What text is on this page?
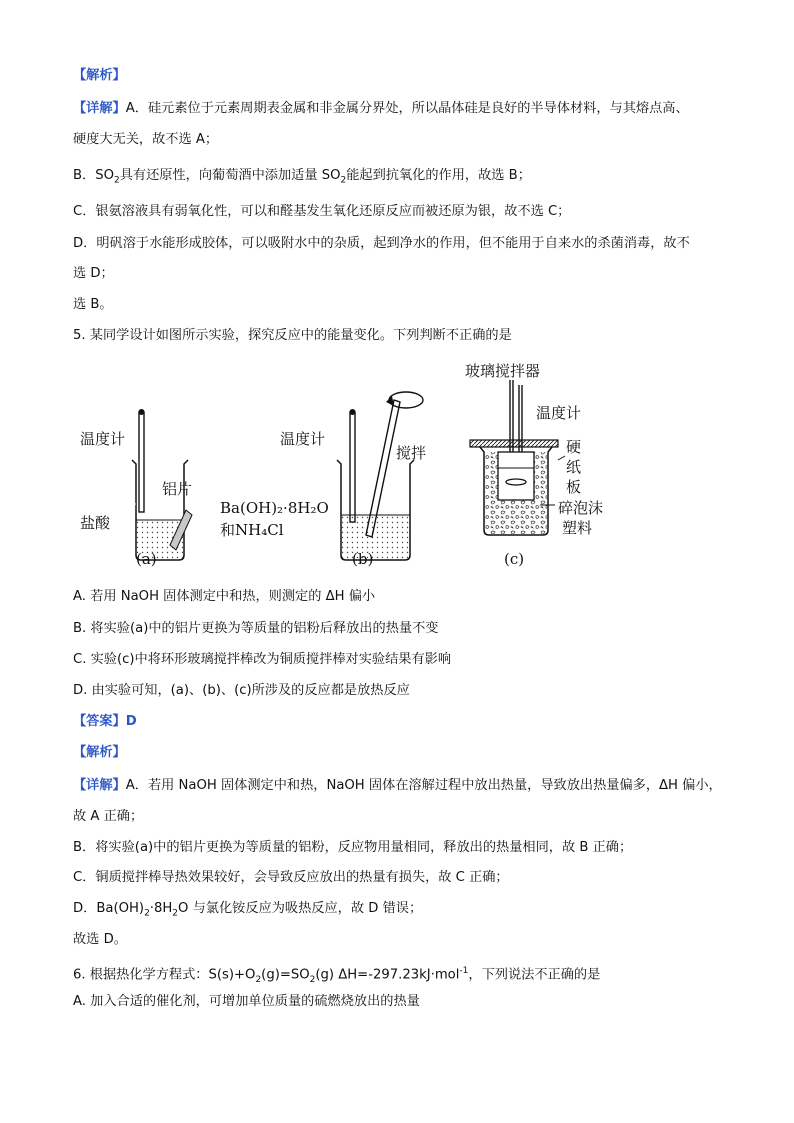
【解析】
【详解】A．硅元素位于元素周期表金属和非金属分界处，所以晶体硅是良好的半导体材料，与其熔点高、
硬度大无关，故不选 A；
B．$SO_2$具有还原性，向葡萄酒中添加适量 $SO_2$能起到抗氧化的作用，故选 B；
C．银氨溶液具有弱氧化性，可以和醛基发生氧化还原反应而被还原为银，故不选 C；
D．明矾溶于水能形成胶体，可以吸附水中的杂质，起到净水的作用，但不能用于自来水的杀菌消毒，故不
选 D；
选 B。
5. 某同学设计如图所示实验，探究反应中的能量变化。下列判断不正确的是
温度计
盐酸
铝片
(a)
温度计
搅拌
Ba(OH)₂·8H₂O
和NH₄Cl
(b)
玻璃搅拌器
温度计
硬
纸
板
碎泡沫
塑料
(c)
A. 若用 NaOH 固体测定中和热，则测定的 ΔH 偏小
B. 将实验(a)中的铝片更换为等质量的铝粉后释放出的热量不变
C. 实验(c)中将环形玻璃搅拌棒改为铜质搅拌棒对实验结果有影响
D. 由实验可知，(a)、(b)、(c)所涉及的反应都是放热反应
【答案】D
【解析】
【详解】A．若用 NaOH 固体测定中和热，NaOH 固体在溶解过程中放出热量，导致放出热量偏多，ΔH 偏小，
故 A 正确；
B．将实验(a)中的铝片更换为等质量的铝粉，反应物用量相同，释放出的热量相同，故 B 正确；
C．铜质搅拌棒导热效果较好，会导致反应放出的热量有损失，故 C 正确；
D．$Ba(OH)_2\cdot 8H_2O$ 与氯化铵反应为吸热反应，故 D 错误；
故选 D。
6. 根据热化学方程式：$S(s)+O_2(g)=SO_2(g)$ ΔH=-297.23kJ·mol$^{-1}$，下列说法不正确的是
A. 加入合适的催化剂，可增加单位质量的硫燃烧放出的热量
